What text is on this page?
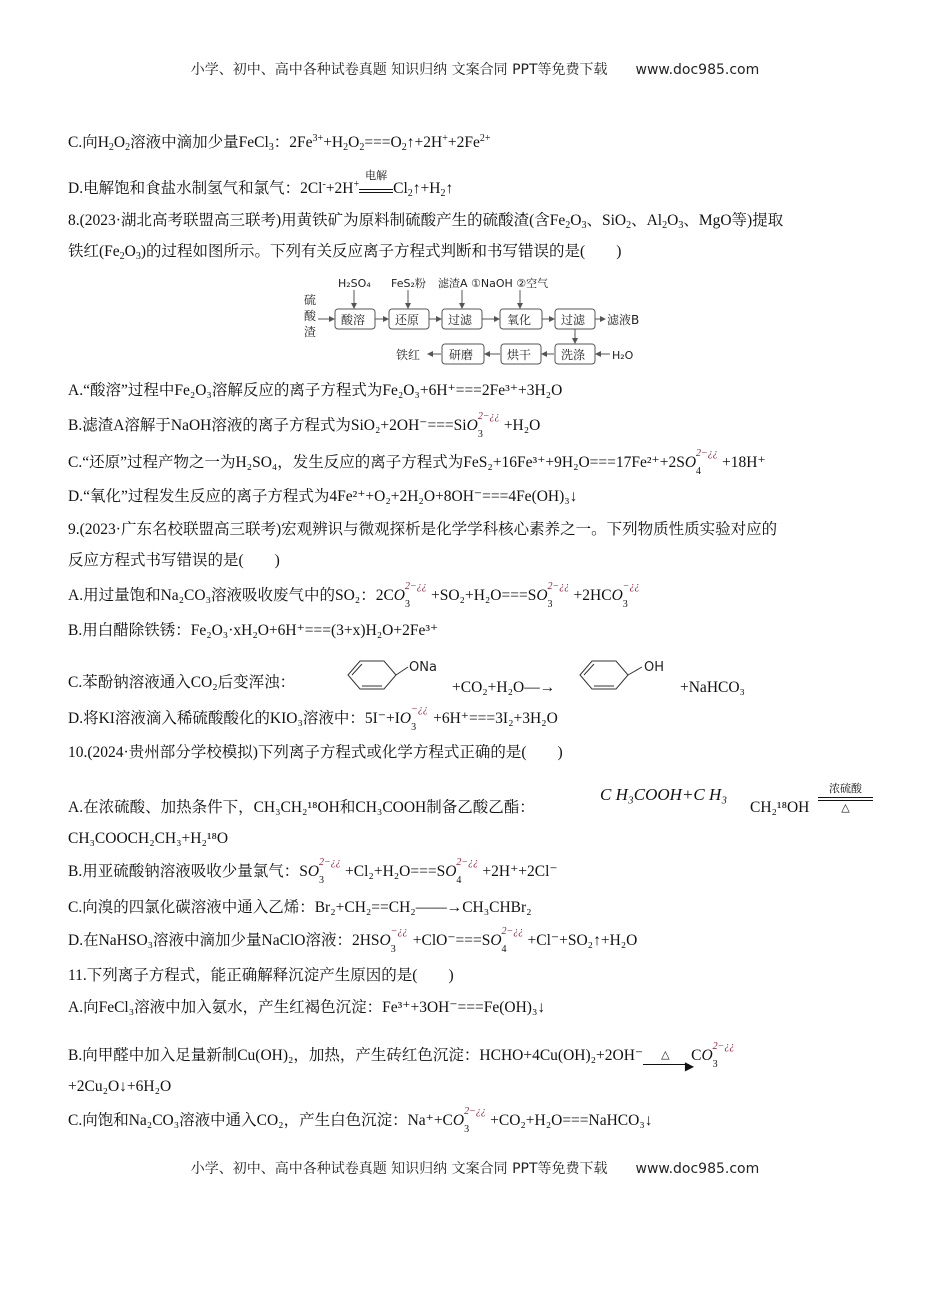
小学、初中、高中各种试卷真题 知识归纳 文案合同 PPT等免费下载 www.doc985.com
C.向$H_2O_2$溶液中滴加少量FeCl$_3$：$2Fe^{3+}+H_2O_2===O_2↑+2H^++2Fe^{2+}$
D.电解饱和食盐水制氢气和氯气：2Cl-+2H+
电解
$Cl_2↑+H_2↑$
8.(2023·湖北高考联盟高三联考)用黄铁矿为原料制硫酸产生的硫酸渣(含$Fe_2O_3$、SiO$_2$、$Al_2O_3$、MgO等)提取
铁红$(Fe_2O_3)$的过程如图所示。下列有关反应离子方程式判断和书写错误的是(　　)
硫
酸
渣
H₂SO₄ FeS₂粉 滤渣A ①NaOH ②空气
酸溶 还原 过滤	氧化 过滤 滤液B
研磨	烘干 洗涤
铁红	H₂O
A.“酸溶”过程中Fe₂O₃溶解反应的离子方程式为Fe₂O₃+6H⁺===2Fe³⁺+3H₂O
B.滤渣A溶解于NaOH溶液的离子方程式为SiO₂+2OH⁻===SiO
2−¿¿
3
+H₂O
C.“还原”过程产物之一为H₂SO₄，发生反应的离子方程式为FeS₂+16Fe³⁺+9H₂O===17Fe²⁺+2SO
2−¿¿
4
+18H⁺
D.“氧化”过程发生反应的离子方程式为4Fe²⁺+O₂+2H₂O+8OH⁻===4Fe(OH)₃↓
9.(2023·广东名校联盟高三联考)宏观辨识与微观探析是化学学科核心素养之一。下列物质性质实验对应的
反应方程式书写错误的是(　　)
A.用过量饱和Na₂CO₃溶液吸收废气中的SO₂：2CO
2−¿¿
3
+SO₂+H₂O===SO
2−¿¿
3
+2HCO
−¿¿
3
B.用白醋除铁锈：Fe₂O₃·xH₂O+6H⁺===(3+x)H₂O+2Fe³⁺
C.苯酚钠溶液通入CO₂后变浑浊：
ONa
+CO₂+H₂O—→
OH
+NaHCO₃
D.将KI溶液滴入稀硫酸酸化的KIO₃溶液中：5I⁻+IO
−¿¿
3
+6H⁺===3I₂+3H₂O
10.(2024·贵州部分学校模拟)下列离子方程式或化学方程式正确的是(　　)
A.在浓硫酸、加热条件下，CH₃CH₂¹⁸OH和CH₃COOH制备乙酸乙酯：
C H₃COOH+C H₃
CH₂¹⁸OH
浓硫酸
△
CH₃COOCH₂CH₃+H₂¹⁸O
B.用亚硫酸钠溶液吸收少量氯气：SO
2−¿¿
3
+Cl₂+H₂O===SO
2−¿¿
4
+2H⁺+2Cl⁻
C.向溴的四氯化碳溶液中通入乙烯：Br₂+CH₂==CH₂——→CH₃CHBr₂
D.在NaHSO₃溶液中滴加少量NaClO溶液：2HSO
−¿¿
3
+ClO⁻===SO
2−¿¿
4
+Cl⁻+SO₂↑+H₂O
11.下列离子方程式，能正确解释沉淀产生原因的是(　　)
A.向FeCl₃溶液中加入氨水，产生红褐色沉淀：Fe³⁺+3OH⁻===Fe(OH)₃↓
B.向甲醛中加入足量新制Cu(OH)₂，加热，产生砖红色沉淀：HCHO+4Cu(OH)₂+2OH⁻ △
▶
CO
2−¿¿
3
+2Cu₂O↓+6H₂O
C.向饱和Na₂CO₃溶液中通入CO₂，产生白色沉淀：Na⁺+CO
2−¿¿
3
+CO₂+H₂O===NaHCO₃↓
小学、初中、高中各种试卷真题 知识归纳 文案合同 PPT等免费下载 www.doc985.com
